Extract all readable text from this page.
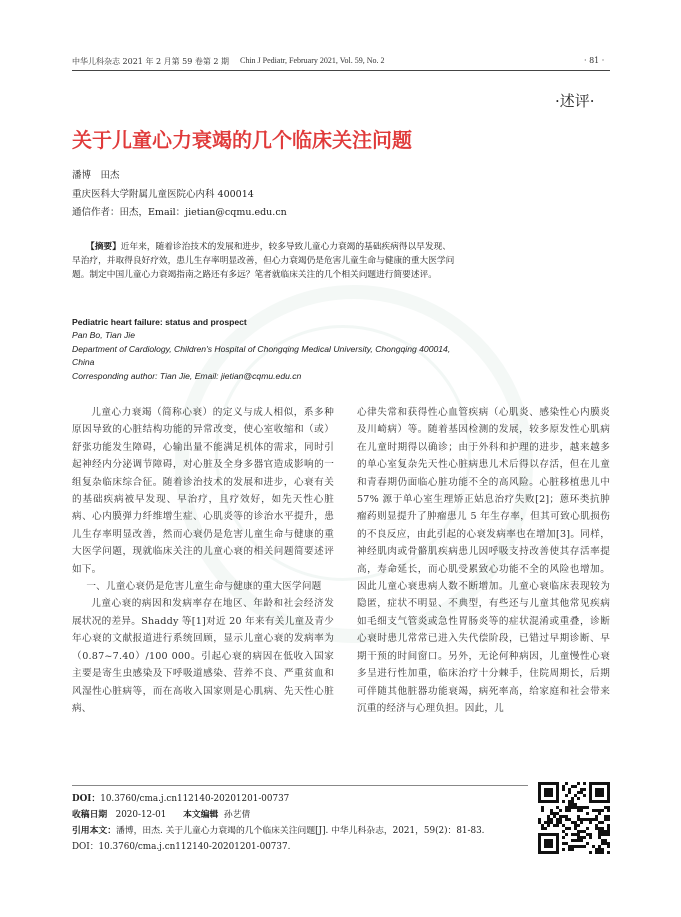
中华儿科杂志 2021 年 2 月第 59 卷第 2 期 Chin J Pediatr, February 2021, Vol. 59, No. 2	· 81 ·
·述评·
关于儿童心力衰竭的几个临床关注问题
潘博　田杰
重庆医科大学附属儿童医院心内科 400014
通信作者：田杰，Email：jietian@cqmu.edu.cn
【摘要】近年来，随着诊治技术的发展和进步，较多导致儿童心力衰竭的基础疾病得以早发现、
早治疗，并取得良好疗效，患儿生存率明显改善，但心力衰竭仍是危害儿童生命与健康的重大医学问
题。制定中国儿童心力衰竭指南之路还有多远？笔者就临床关注的几个相关问题进行简要述评。
Pediatric heart failure: status and prospect
Pan Bo, Tian Jie
Department of Cardiology, Children's Hospital of Chongqing Medical University, Chongqing 400014,
China
Corresponding author: Tian Jie, Email: jietian@cqmu.edu.cn

儿童心力衰竭（简称心衰）的定义与成人相似，系多种原因导致的心脏结构功能的异常改变，使心室收缩和（或）舒张功能发生障碍，心输出量不能满足机体的需求，同时引起神经内分泌调节障碍，对心脏及全身多器官造成影响的一组复杂临床综合征。随着诊治技术的发展和进步，心衰有关的基础疾病被早发现、早治疗，且疗效好，如先天性心脏病、心内膜弹力纤维增生症、心肌炎等的诊治水平提升，患儿生存率明显改善，然而心衰仍是危害儿童生命与健康的重大医学问题，现就临床关注的儿童心衰的相关问题简要述评如下。

一、儿童心衰仍是危害儿童生命与健康的重大医学问题

儿童心衰的病因和发病率存在地区、年龄和社会经济发展状况的差异。Shaddy 等[1]对近 20 年来有关儿童及青少年心衰的文献报道进行系统回顾，显示儿童心衰的发病率为（0.87~7.40）/100 000。引起心衰的病因在低收入国家主要是寄生虫感染及下呼吸道感染、营养不良、严重贫血和风湿性心脏病等，而在高收入国家则是心肌病、先天性心脏病、

心律失常和获得性心血管疾病（心肌炎、感染性心内膜炎及川崎病）等。随着基因检测的发展，较多原发性心肌病在儿童时期得以确诊；由于外科和护理的进步，越来越多的单心室复杂先天性心脏病患儿术后得以存活，但在儿童和青春期仍面临心脏功能不全的高风险。心脏移植患儿中 57% 源于单心室生理矫正姑息治疗失败[2]；蒽环类抗肿瘤药则显提升了肿瘤患儿 5 年生存率，但其可致心肌损伤的不良反应，由此引起的心衰发病率也在增加[3]。同样，神经肌肉或骨骼肌疾病患儿因呼吸支持改善使其存活率提高，寿命延长，而心肌受累致心功能不全的风险也增加。因此儿童心衰患病人数不断增加。儿童心衰临床表现较为隐匿，症状不明显、不典型，有些还与儿童其他常见疾病如毛细支气管炎或急性胃肠炎等的症状混淆或重叠，诊断心衰时患儿常常已进入失代偿阶段，已错过早期诊断、早期干预的时间窗口。另外，无论何种病因，儿童慢性心衰多呈进行性加重，临床治疗十分棘手，住院周期长，后期可伴随其他脏器功能衰竭，病死率高，给家庭和社会带来沉重的经济与心理负担。因此，儿

DOI：10.3760/cma.j.cn112140-20201201-00737
收稿日期 2020-12-01 本文编辑 孙艺倩
引用本文：潘博，田杰. 关于儿童心力衰竭的几个临床关注问题[J]. 中华儿科杂志，2021，59(2)：81-83.
DOI：10.3760/cma.j.cn112140-20201201-00737.
